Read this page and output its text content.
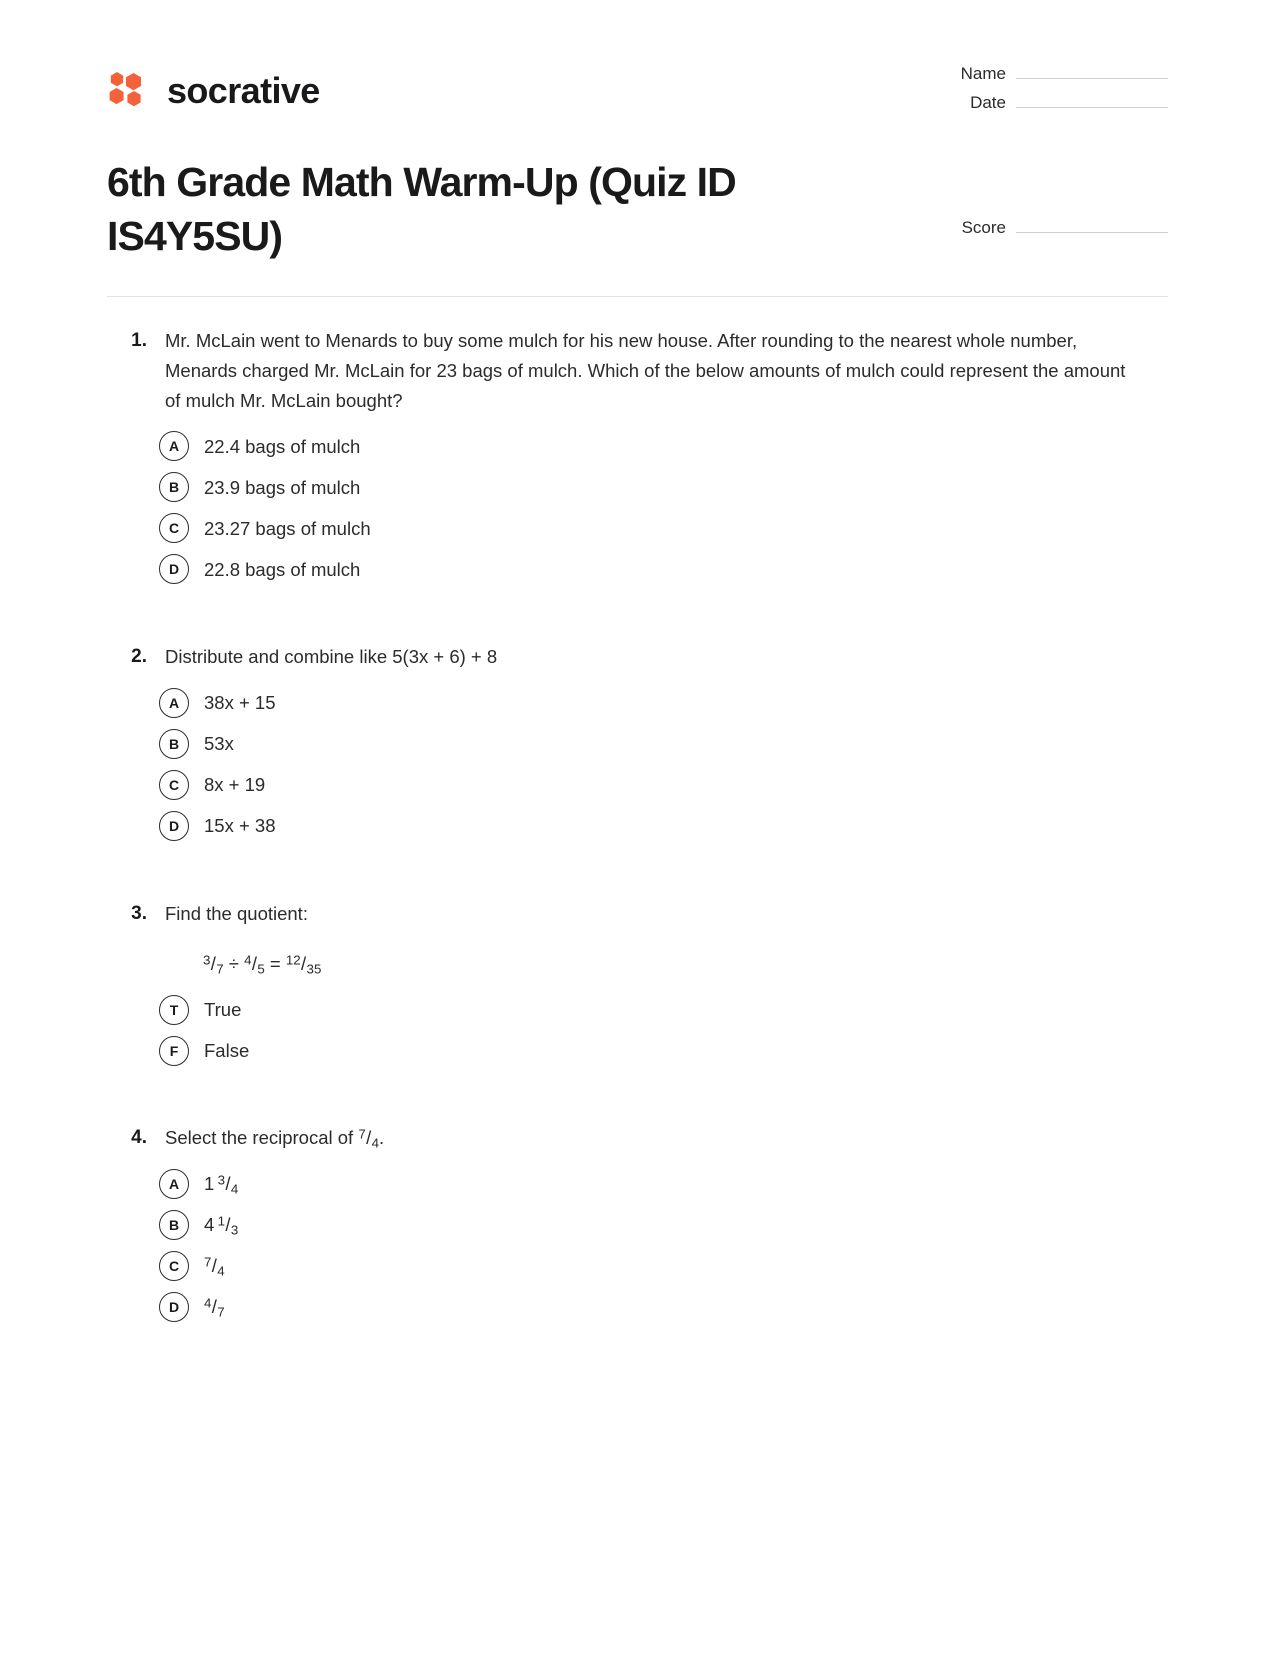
socrative	Name
Date
Score
6th Grade Math Warm-Up (Quiz ID IS4Y5SU)
1. Mr. McLain went to Menards to buy some mulch for his new house. After rounding to the nearest whole number, Menards charged Mr. McLain for 23 bags of mulch. Which of the below amounts of mulch could represent the amount of mulch Mr. McLain bought?
A	22.4 bags of mulch
B	23.9 bags of mulch
C	23.27 bags of mulch
D	22.8 bags of mulch
2. Distribute and combine like 5(3x + 6) + 8
A	38x + 15
B	53x
C	8x + 19
D	15x + 38
3. Find the quotient:
$^3/_7 \div ^4/_5 = ^{12}/_{35}$
T	True
F	False
4. Select the reciprocal of $^7/_4$.
A	1 $^3/_4$
B	4 $^1/_3$
C	$^7/_4$
D	$^4/_7$
